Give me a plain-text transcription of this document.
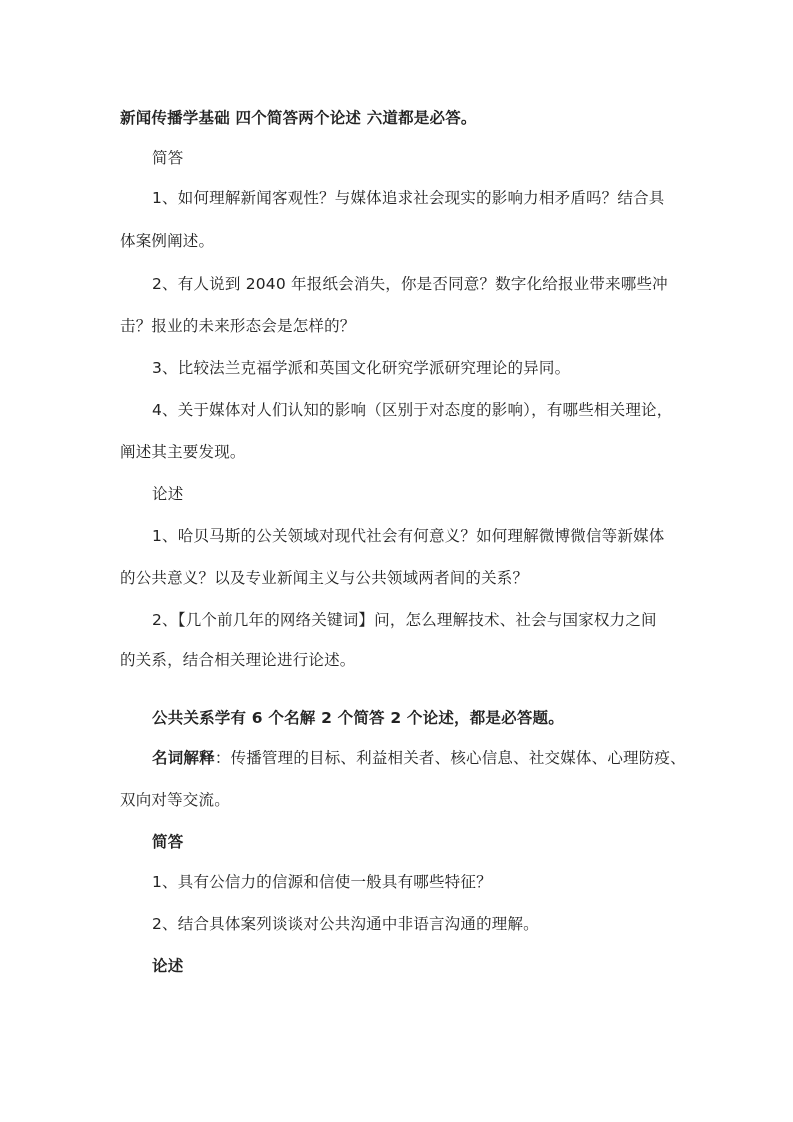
新闻传播学基础 四个简答两个论述 六道都是必答。
简答
1、如何理解新闻客观性？与媒体追求社会现实的影响力相矛盾吗？结合具
体案例阐述。
2、有人说到 2040 年报纸会消失，你是否同意？数字化给报业带来哪些冲
击？报业的未来形态会是怎样的？
3、比较法兰克福学派和英国文化研究学派研究理论的异同。
4、关于媒体对人们认知的影响（区别于对态度的影响），有哪些相关理论，
阐述其主要发现。
论述
1、哈贝马斯的公关领域对现代社会有何意义？如何理解微博微信等新媒体
的公共意义？以及专业新闻主义与公共领域两者间的关系？
2、【几个前几年的网络关键词】问，怎么理解技术、社会与国家权力之间
的关系，结合相关理论进行论述。
公共关系学有 6 个名解 2 个简答 2 个论述，都是必答题。
名词解释：传播管理的目标、利益相关者、核心信息、社交媒体、心理防疫、
双向对等交流。
简答
1、具有公信力的信源和信使一般具有哪些特征？
2、结合具体案列谈谈对公共沟通中非语言沟通的理解。
论述
